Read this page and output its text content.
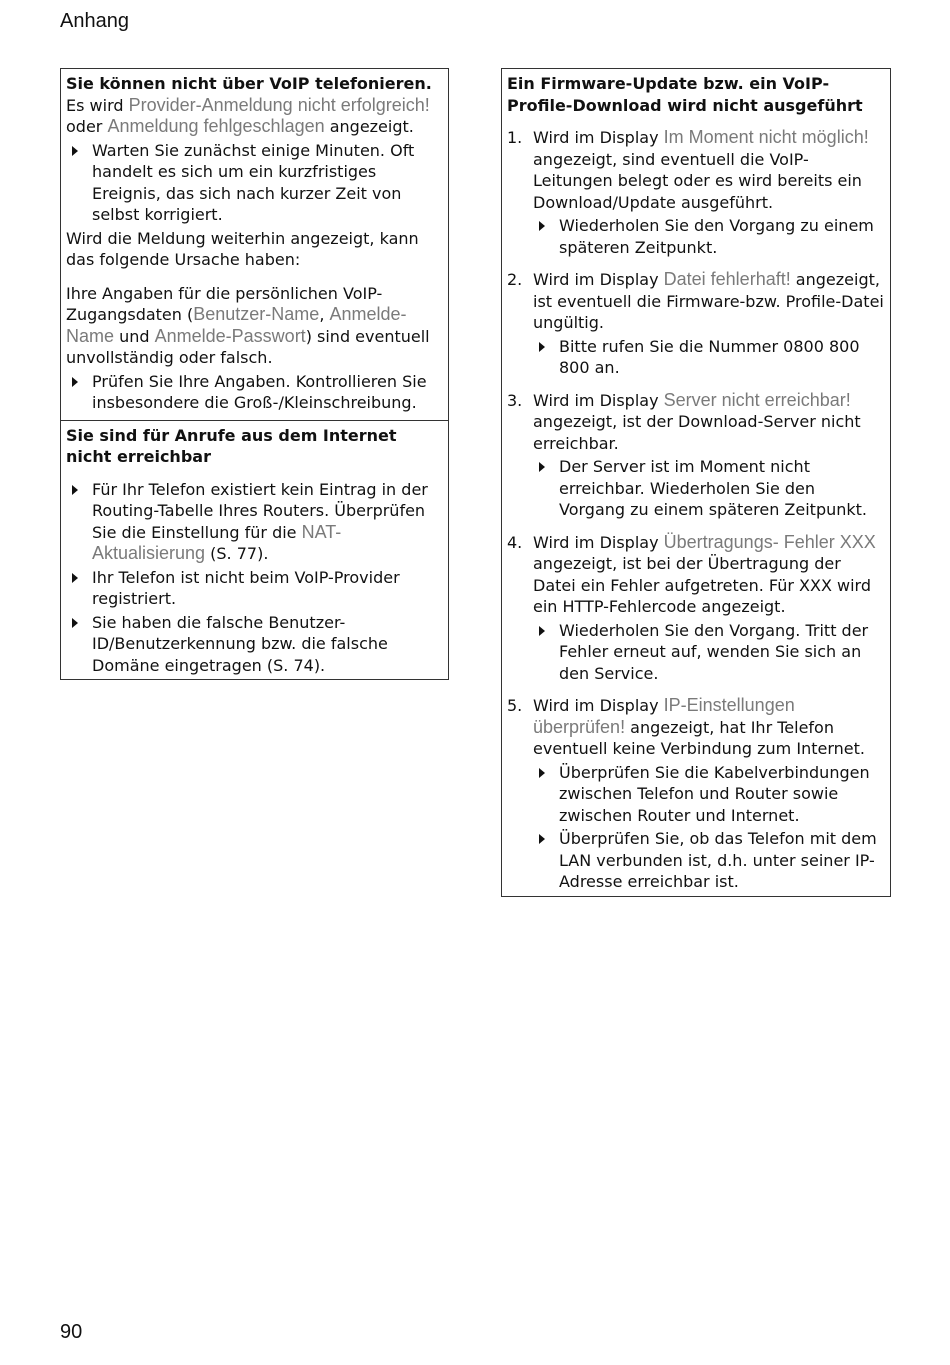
Anhang

Sie können nicht über VoIP telefonieren. Es wird Provider-Anmeldung nicht erfolgreich! oder Anmeldung fehlgeschlagen angezeigt.

Warten Sie zunächst einige Minuten. Oft handelt es sich um ein kurzfristiges Ereignis, das sich nach kurzer Zeit von selbst korrigiert.

Wird die Meldung weiterhin angezeigt, kann das folgende Ursache haben:

Ihre Angaben für die persönlichen VoIP-Zugangsdaten (Benutzer-Name, Anmelde-Name und Anmelde-Passwort) sind eventuell unvollständig oder falsch.

Prüfen Sie Ihre Angaben. Kontrollieren Sie insbesondere die Groß-/Kleinschreibung.

Sie sind für Anrufe aus dem Internet nicht erreichbar

Für Ihr Telefon existiert kein Eintrag in der Routing-Tabelle Ihres Routers. Überprüfen Sie die Einstellung für die NAT-Aktualisierung (S. 77).
Ihr Telefon ist nicht beim VoIP-Provider registriert.
Sie haben die falsche Benutzer-ID/Benutzerkennung bzw. die falsche Domäne eingetragen (S. 74).

Ein Firmware-Update bzw. ein VoIP-Profile-Download wird nicht ausgeführt

1. Wird im Display Im Moment nicht möglich! angezeigt, sind eventuell die VoIP-Leitungen belegt oder es wird bereits ein Download/Update ausgeführt.

Wiederholen Sie den Vorgang zu einem späteren Zeitpunkt.
2. Wird im Display Datei fehlerhaft! angezeigt, ist eventuell die Firmware-bzw. Profile-Datei ungültig.

Bitte rufen Sie die Nummer 0800 800 800 an.
3. Wird im Display Server nicht erreichbar! angezeigt, ist der Download-Server nicht erreichbar.

Der Server ist im Moment nicht erreichbar. Wiederholen Sie den Vorgang zu einem späteren Zeitpunkt.
4. Wird im Display Übertragungs- Fehler XXX angezeigt, ist bei der Übertragung der Datei ein Fehler aufgetreten. Für XXX wird ein HTTP-Fehlercode angezeigt.

Wiederholen Sie den Vorgang. Tritt der Fehler erneut auf, wenden Sie sich an den Service.
5. Wird im Display IP-Einstellungen überprüfen! angezeigt, hat Ihr Telefon eventuell keine Verbindung zum Internet.

Überprüfen Sie die Kabelverbindungen zwischen Telefon und Router sowie zwischen Router und Internet.
Überprüfen Sie, ob das Telefon mit dem LAN verbunden ist, d.h. unter seiner IP-Adresse erreichbar ist.
90
